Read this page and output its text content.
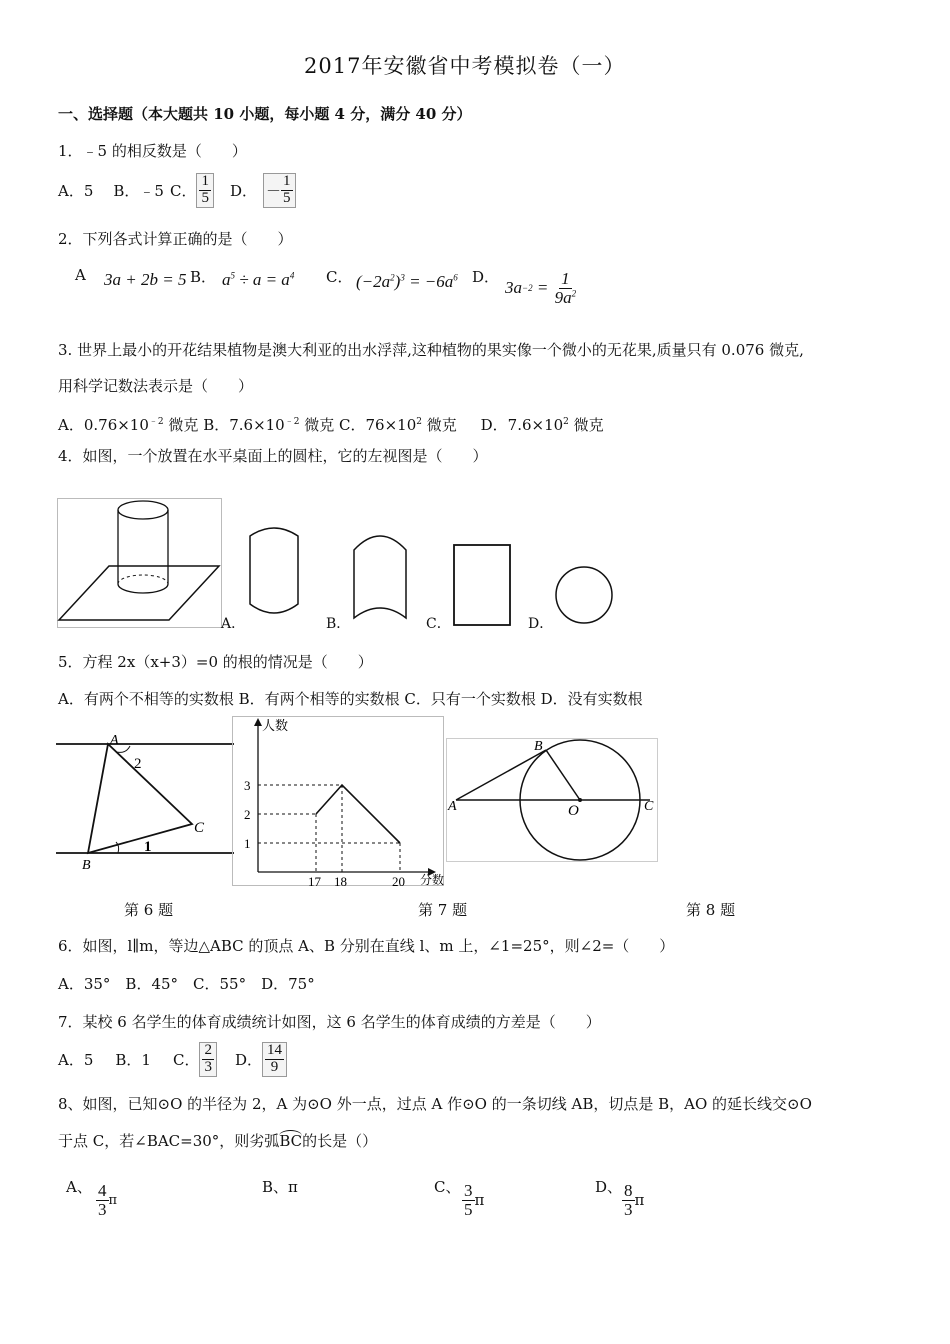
2017年安徽省中考模拟卷（一）
一、选择题（本大题共 10 小题，每小题 4 分，满分 40 分）
1．﹣5 的相反数是（　　）
A．5 B．﹣5 C． $\frac{1}{5}$ D． － $\frac{1}{5}$
2．下列各式计算正确的是（　　）
A 3a + 2b = 5 B． $a^5 \div a = a^4$ C． $(-2a^2)^3 = -6a^6$ D．
$3a -2 = \frac{1}{9a^2}$
3. 世界上最小的开花结果植物是澳大利亚的出水浮萍,这种植物的果实像一个微小的无花果,质量只有 0.076 微克,
用科学记数法表示是（　　）
A．$0.76\times 10^{﹣2}$ 微克 B．$7.6\times 10^{﹣2}$ 微克 C．$76\times 10^2$ 微克 D．$7.6\times 10^2$ 微克
4．如图，一个放置在水平桌面上的圆柱，它的左视图是（　　）
A．	B．	C．	D．
5．方程 2x（x+3）=0 的根的情况是（　　）
A．有两个不相等的实数根 B．有两个相等的实数根 C．只有一个实数根 D．没有实数根
A
2
C
B
1	1
2
3
17 18	20
人数
分数
A
B
O	C
第 6 题	第 7 题	第 8 题
6．如图，l∥m，等边△ABC 的顶点 A、B 分别在直线 l、m 上，∠1=25°，则∠2=（　　）
A．35°　B．45°　C．55°　D．75°
7．某校 6 名学生的体育成绩统计如图，这 6 名学生的体育成绩的方差是（　　）
A．5 B．1 C． $\frac{2}{3}$ D． $\frac{14}{9}$
8、如图，已知⊙O 的半径为 2，A 为⊙O 外一点，过点 A 作⊙O 的一条切线 AB，切点是 B，AO 的延长线交⊙O
于点 C，若∠BAC=30°，则劣弧BC的长是（）
A、 $\frac{4}{3}$ π
B、π	C、 $\frac{3}{5}$ π
D、 $\frac{8}{3}$ π
